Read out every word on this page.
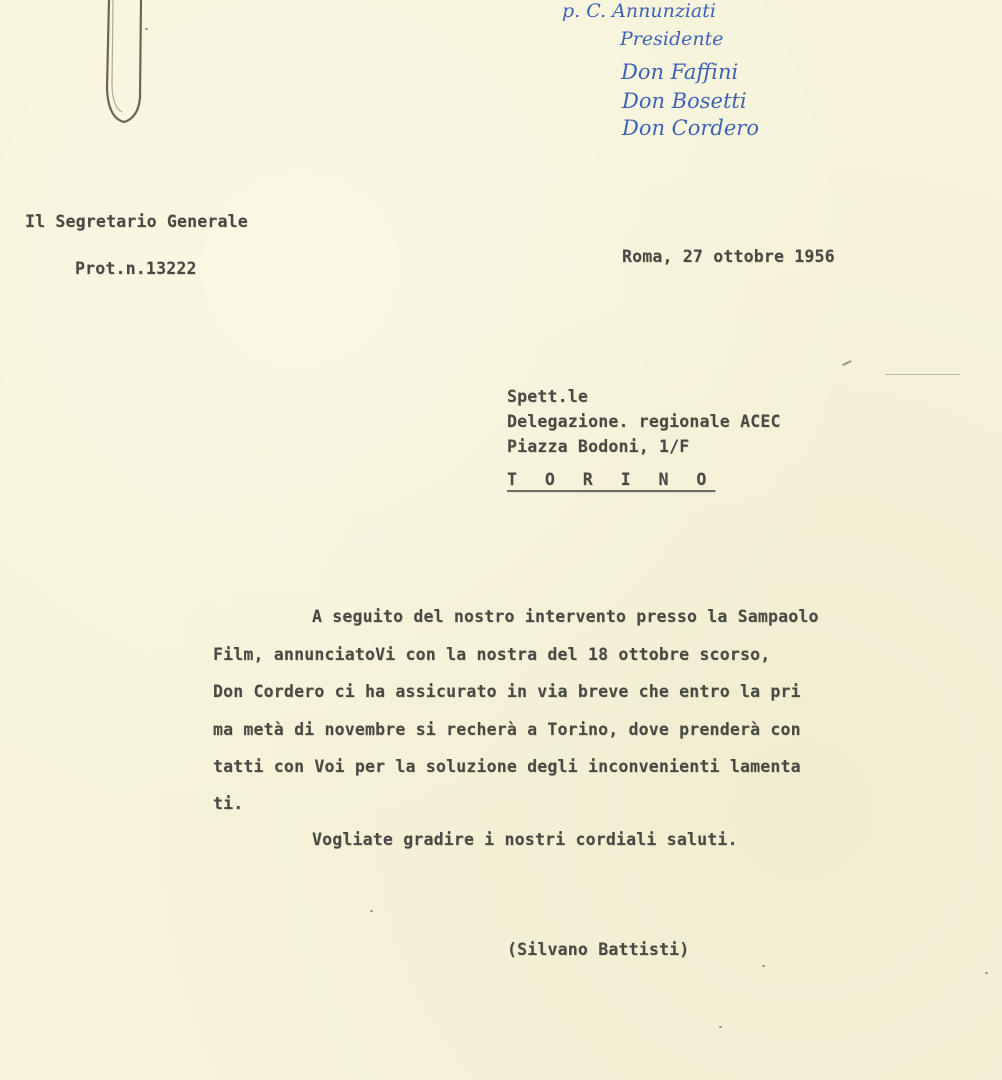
p. C. Annunziati
Presidente
Don Faffini
Don Bosetti
Don Cordero
Il Segretario Generale
Prot.n.13222
Roma, 27 ottobre 1956
Spett.le
Delegazione. regionale ACEC
Piazza Bodoni, 1/F
T O R I N O
A seguito del nostro intervento presso la Sampaolo
Film, annunciatoVi con la nostra del 18 ottobre scorso,
Don Cordero ci ha assicurato in via breve che entro la pri
ma metà di novembre si recherà a Torino, dove prenderà con
tatti con Voi per la soluzione degli inconvenienti lamenta
ti.
Vogliate gradire i nostri cordiali saluti.
(Silvano Battisti)
